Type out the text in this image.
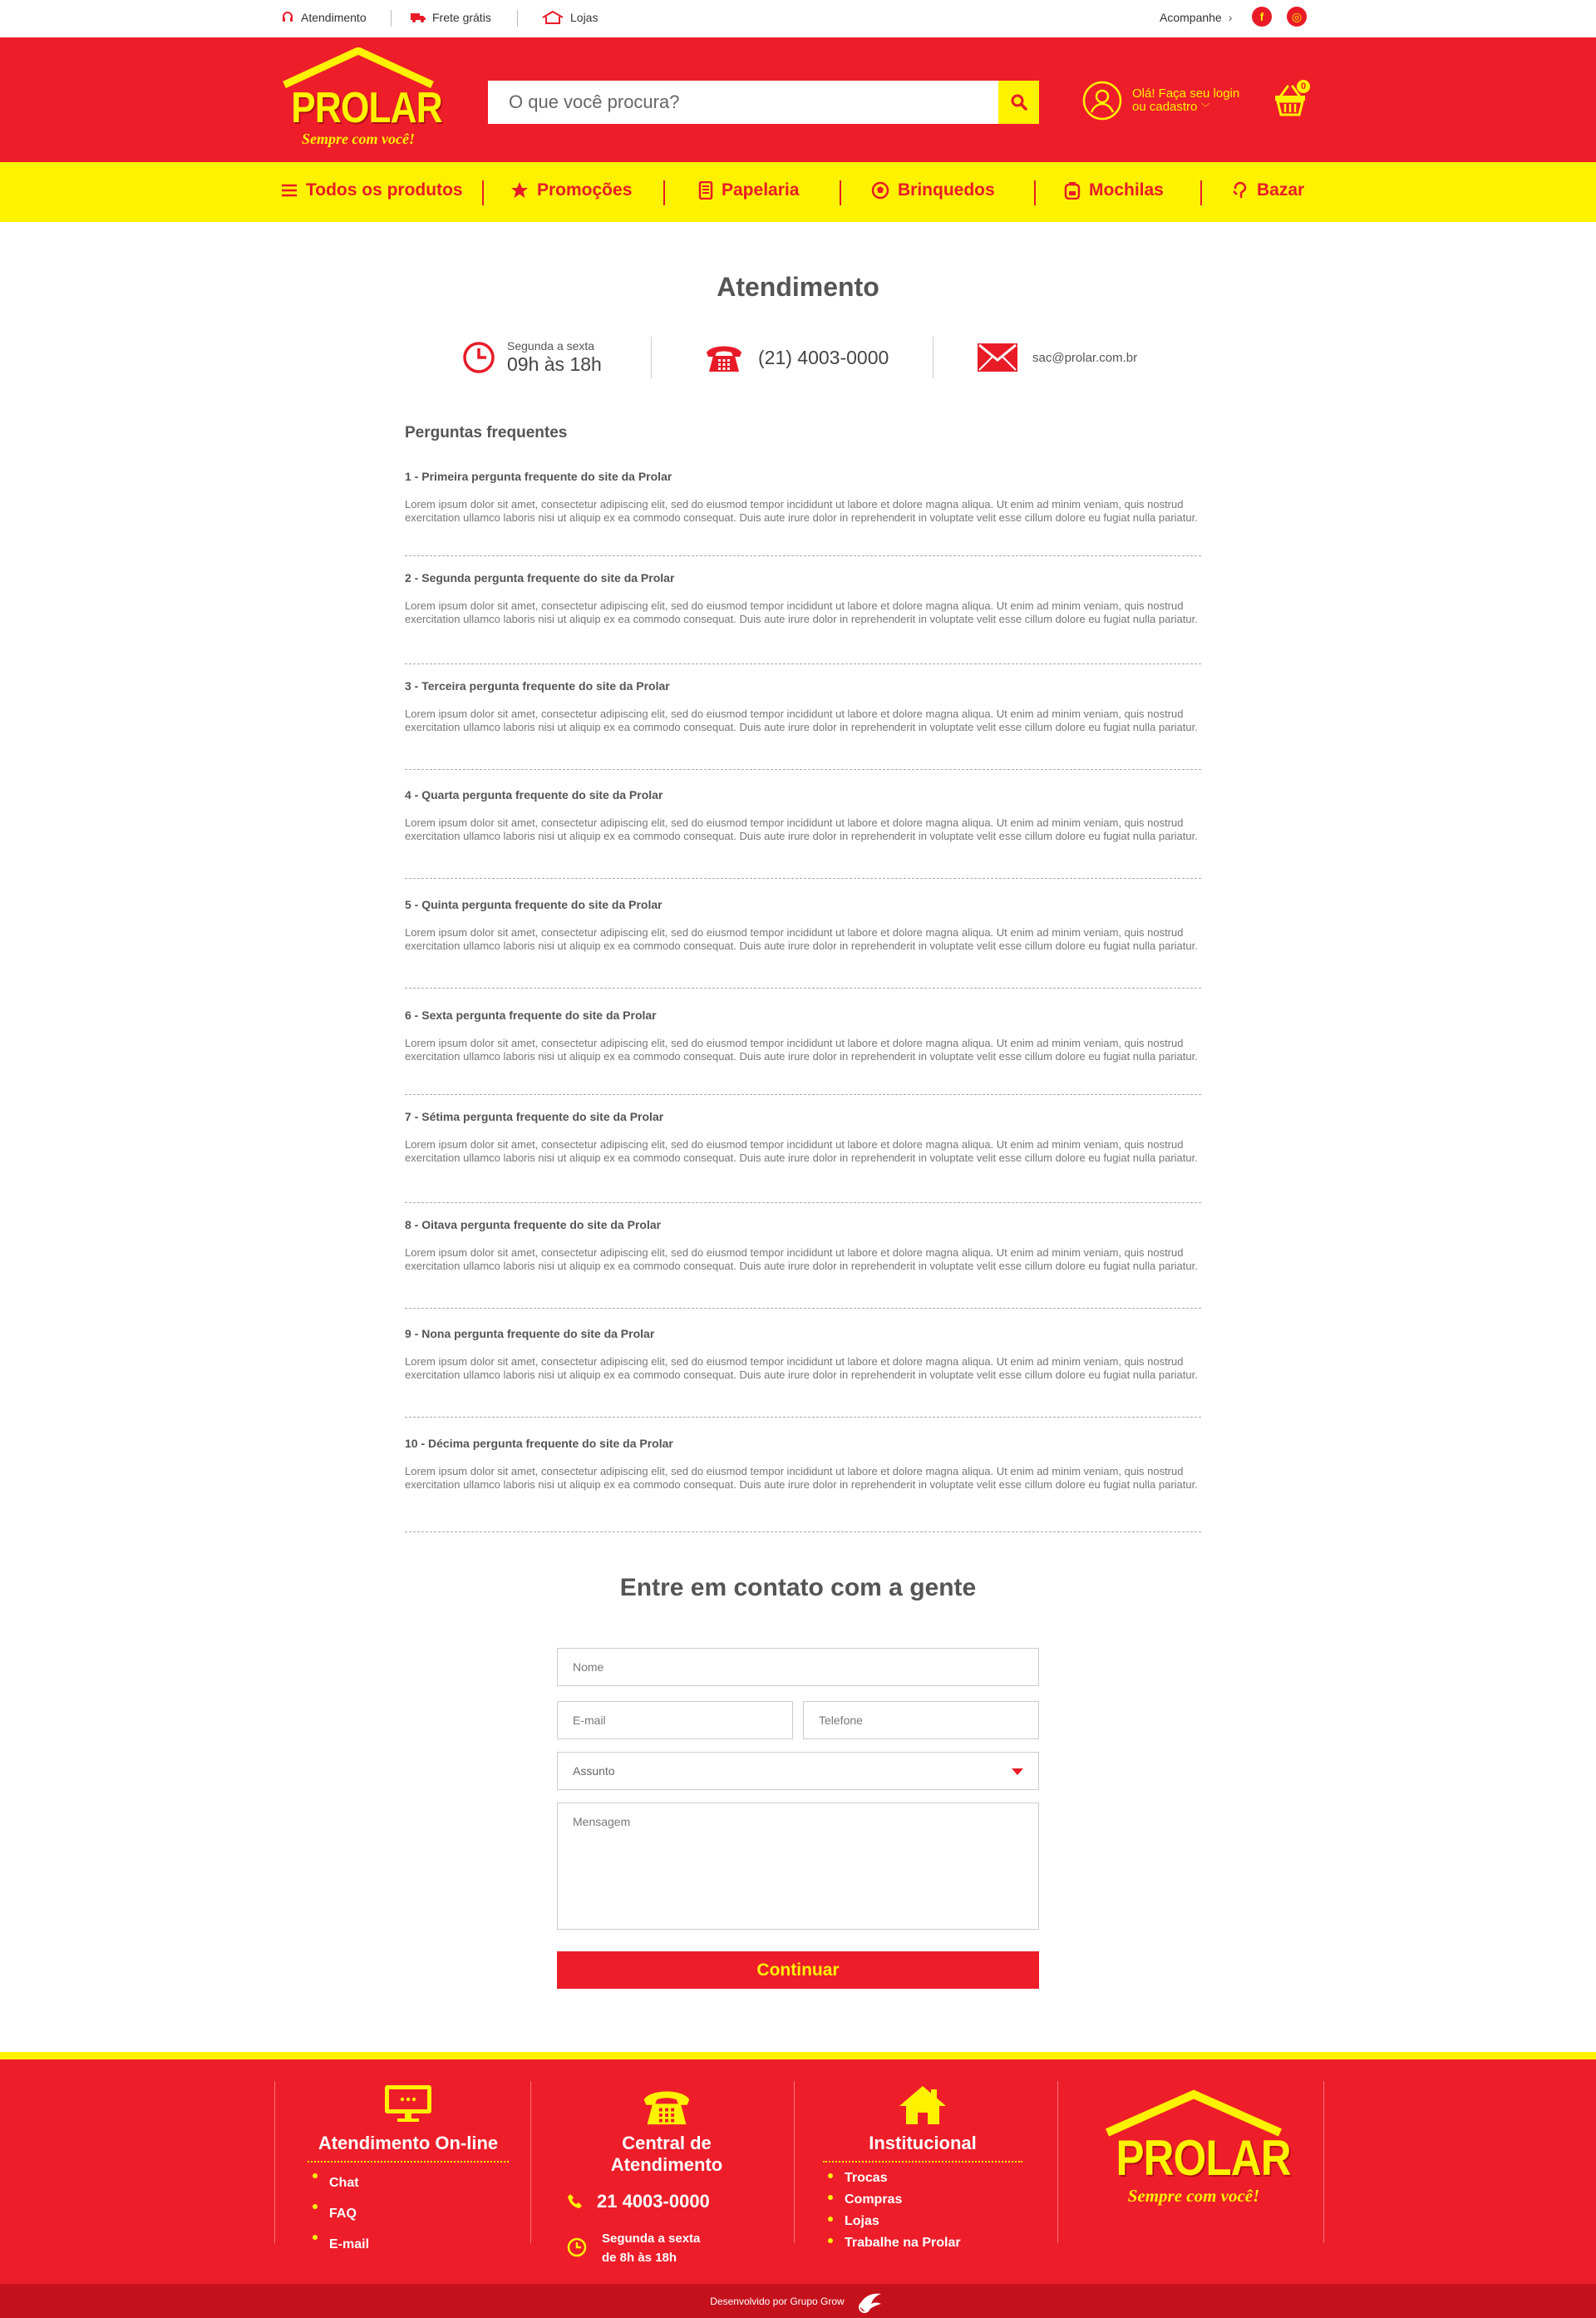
Atendimento	Frete grátis	Lojas	Acompanhe ›	f	◎
PROLAR
Sempre com você!
O que você procura?
Olá! Faça seu login
ou cadastro ﹀
0
Todos os produtos	Promoções	Papelaria	Brinquedos	Mochilas	Bazar
Atendimento
Segunda a sexta
09h às 18h	(21) 4003-0000	sac@prolar.com.br
Perguntas frequentes
1 - Primeira pergunta frequente do site da Prolar
Lorem ipsum dolor sit amet, consectetur adipiscing elit, sed do eiusmod tempor incididunt ut labore et dolore magna aliqua. Ut enim ad minim veniam, quis nostrud exercitation ullamco laboris nisi ut aliquip ex ea commodo consequat. Duis aute irure dolor in reprehenderit in voluptate velit esse cillum dolore eu fugiat nulla pariatur.
2 - Segunda pergunta frequente do site da Prolar
Lorem ipsum dolor sit amet, consectetur adipiscing elit, sed do eiusmod tempor incididunt ut labore et dolore magna aliqua. Ut enim ad minim veniam, quis nostrud exercitation ullamco laboris nisi ut aliquip ex ea commodo consequat. Duis aute irure dolor in reprehenderit in voluptate velit esse cillum dolore eu fugiat nulla pariatur.
3 - Terceira pergunta frequente do site da Prolar
Lorem ipsum dolor sit amet, consectetur adipiscing elit, sed do eiusmod tempor incididunt ut labore et dolore magna aliqua. Ut enim ad minim veniam, quis nostrud exercitation ullamco laboris nisi ut aliquip ex ea commodo consequat. Duis aute irure dolor in reprehenderit in voluptate velit esse cillum dolore eu fugiat nulla pariatur.
4 - Quarta pergunta frequente do site da Prolar
Lorem ipsum dolor sit amet, consectetur adipiscing elit, sed do eiusmod tempor incididunt ut labore et dolore magna aliqua. Ut enim ad minim veniam, quis nostrud exercitation ullamco laboris nisi ut aliquip ex ea commodo consequat. Duis aute irure dolor in reprehenderit in voluptate velit esse cillum dolore eu fugiat nulla pariatur.
5 - Quinta pergunta frequente do site da Prolar
Lorem ipsum dolor sit amet, consectetur adipiscing elit, sed do eiusmod tempor incididunt ut labore et dolore magna aliqua. Ut enim ad minim veniam, quis nostrud exercitation ullamco laboris nisi ut aliquip ex ea commodo consequat. Duis aute irure dolor in reprehenderit in voluptate velit esse cillum dolore eu fugiat nulla pariatur.
6 - Sexta pergunta frequente do site da Prolar
Lorem ipsum dolor sit amet, consectetur adipiscing elit, sed do eiusmod tempor incididunt ut labore et dolore magna aliqua. Ut enim ad minim veniam, quis nostrud exercitation ullamco laboris nisi ut aliquip ex ea commodo consequat. Duis aute irure dolor in reprehenderit in voluptate velit esse cillum dolore eu fugiat nulla pariatur.
7 - Sétima pergunta frequente do site da Prolar
Lorem ipsum dolor sit amet, consectetur adipiscing elit, sed do eiusmod tempor incididunt ut labore et dolore magna aliqua. Ut enim ad minim veniam, quis nostrud exercitation ullamco laboris nisi ut aliquip ex ea commodo consequat. Duis aute irure dolor in reprehenderit in voluptate velit esse cillum dolore eu fugiat nulla pariatur.
8 - Oitava pergunta frequente do site da Prolar
Lorem ipsum dolor sit amet, consectetur adipiscing elit, sed do eiusmod tempor incididunt ut labore et dolore magna aliqua. Ut enim ad minim veniam, quis nostrud exercitation ullamco laboris nisi ut aliquip ex ea commodo consequat. Duis aute irure dolor in reprehenderit in voluptate velit esse cillum dolore eu fugiat nulla pariatur.
9 - Nona pergunta frequente do site da Prolar
Lorem ipsum dolor sit amet, consectetur adipiscing elit, sed do eiusmod tempor incididunt ut labore et dolore magna aliqua. Ut enim ad minim veniam, quis nostrud exercitation ullamco laboris nisi ut aliquip ex ea commodo consequat. Duis aute irure dolor in reprehenderit in voluptate velit esse cillum dolore eu fugiat nulla pariatur.
10 - Décima pergunta frequente do site da Prolar
Lorem ipsum dolor sit amet, consectetur adipiscing elit, sed do eiusmod tempor incididunt ut labore et dolore magna aliqua. Ut enim ad minim veniam, quis nostrud exercitation ullamco laboris nisi ut aliquip ex ea commodo consequat. Duis aute irure dolor in reprehenderit in voluptate velit esse cillum dolore eu fugiat nulla pariatur.
Entre em contato com a gente
Nome
E-mail
Telefone
Assunto
Mensagem
Continuar
Atendimento On-line
Chat
FAQ
E-mail
Central de Atendimento
21 4003-0000
Segunda a sexta
de 8h às 18h
Institucional
Trocas
Compras
Lojas
Trabalhe na Prolar
PROLAR
Sempre com você!
Desenvolvido por Grupo Grow
